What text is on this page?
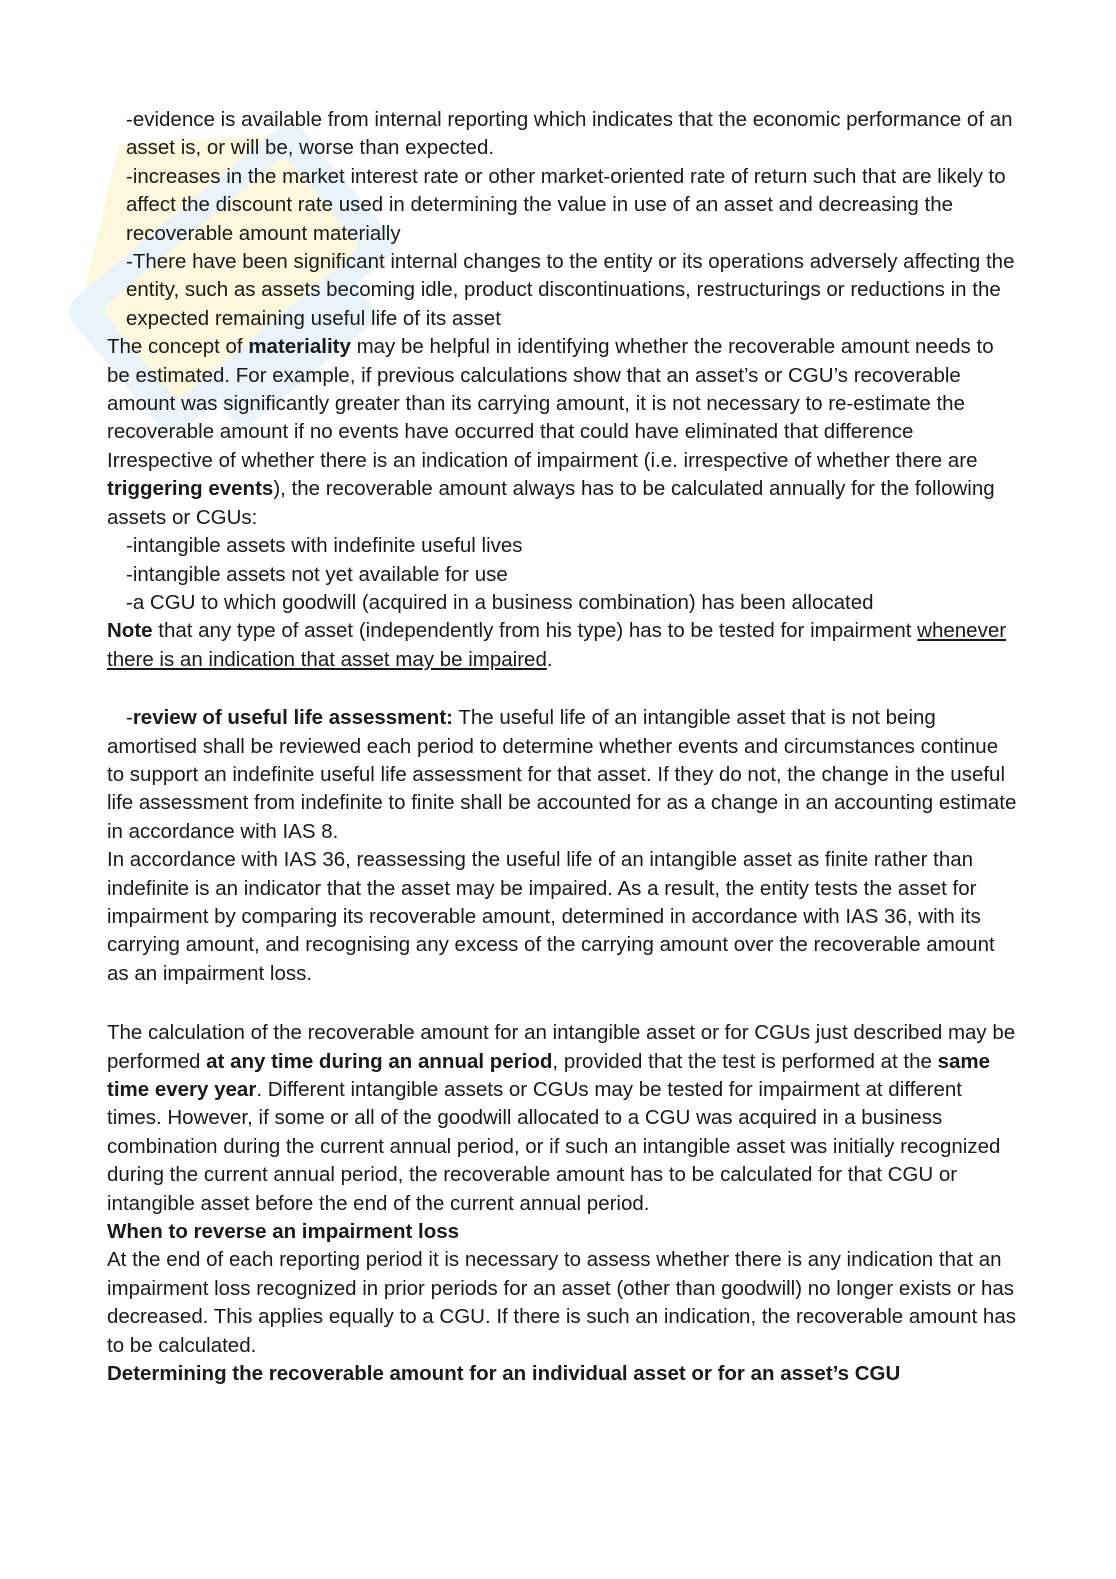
-evidence is available from internal reporting which indicates that the economic performance of an asset is, or will be, worse than expected.

-increases in the market interest rate or other market-oriented rate of return such that are likely to affect the discount rate used in determining the value in use of an asset and decreasing the recoverable amount materially

-There have been significant internal changes to the entity or its operations adversely affecting the entity, such as assets becoming idle, product discontinuations, restructurings or reductions in the expected remaining useful life of its asset

The concept of materiality may be helpful in identifying whether the recoverable amount needs to be estimated. For example, if previous calculations show that an asset’s or CGU’s recoverable amount was significantly greater than its carrying amount, it is not necessary to re-estimate the recoverable amount if no events have occurred that could have eliminated that difference

Irrespective of whether there is an indication of impairment (i.e. irrespective of whether there are triggering events), the recoverable amount always has to be calculated annually for the following assets or CGUs:

-intangible assets with indefinite useful lives

-intangible assets not yet available for use

-a CGU to which goodwill (acquired in a business combination) has been allocated

Note that any type of asset (independently from his type) has to be tested for impairment whenever there is an indication that asset may be impaired.

-review of useful life assessment: The useful life of an intangible asset that is not being amortised shall be reviewed each period to determine whether events and circumstances continue to support an indefinite useful life assessment for that asset. If they do not, the change in the useful life assessment from indefinite to finite shall be accounted for as a change in an accounting estimate in accordance with IAS 8.

In accordance with IAS 36, reassessing the useful life of an intangible asset as finite rather than indefinite is an indicator that the asset may be impaired. As a result, the entity tests the asset for impairment by comparing its recoverable amount, determined in accordance with IAS 36, with its carrying amount, and recognising any excess of the carrying amount over the recoverable amount as an impairment loss.

The calculation of the recoverable amount for an intangible asset or for CGUs just described may be performed at any time during an annual period, provided that the test is performed at the same time every year. Different intangible assets or CGUs may be tested for impairment at different times. However, if some or all of the goodwill allocated to a CGU was acquired in a business combination during the current annual period, or if such an intangible asset was initially recognized during the current annual period, the recoverable amount has to be calculated for that CGU or intangible asset before the end of the current annual period.

When to reverse an impairment loss

At the end of each reporting period it is necessary to assess whether there is any indication that an impairment loss recognized in prior periods for an asset (other than goodwill) no longer exists or has decreased. This applies equally to a CGU. If there is such an indication, the recoverable amount has to be calculated.

Determining the recoverable amount for an individual asset or for an asset’s CGU
